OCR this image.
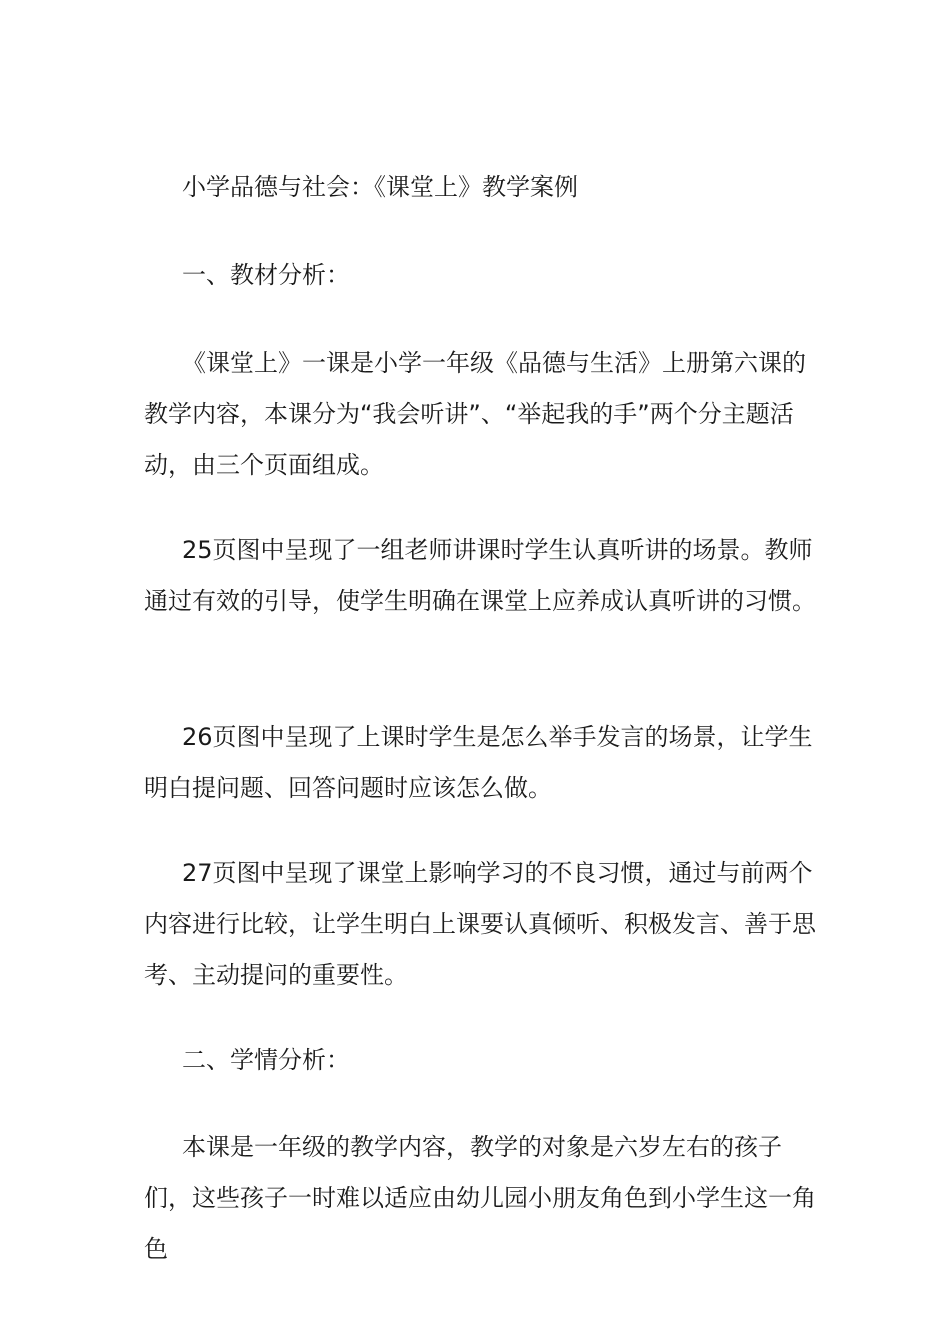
小学品德与社会：《课堂上》教学案例

一、教材分析：

《课堂上》一课是小学一年级《品德与生活》上册第六课的教学内容，本课分为“我会听讲”、“举起我的手”两个分主题活动，由三个页面组成。

25页图中呈现了一组老师讲课时学生认真听讲的场景。教师通过有效的引导，使学生明确在课堂上应养成认真听讲的习惯。

26页图中呈现了上课时学生是怎么举手发言的场景，让学生明白提问题、回答问题时应该怎么做。

27页图中呈现了课堂上影响学习的不良习惯，通过与前两个内容进行比较，让学生明白上课要认真倾听、积极发言、善于思考、主动提问的重要性。

二、学情分析：

本课是一年级的教学内容，教学的对象是六岁左右的孩子们，这些孩子一时难以适应由幼儿园小朋友角色到小学生这一角色
